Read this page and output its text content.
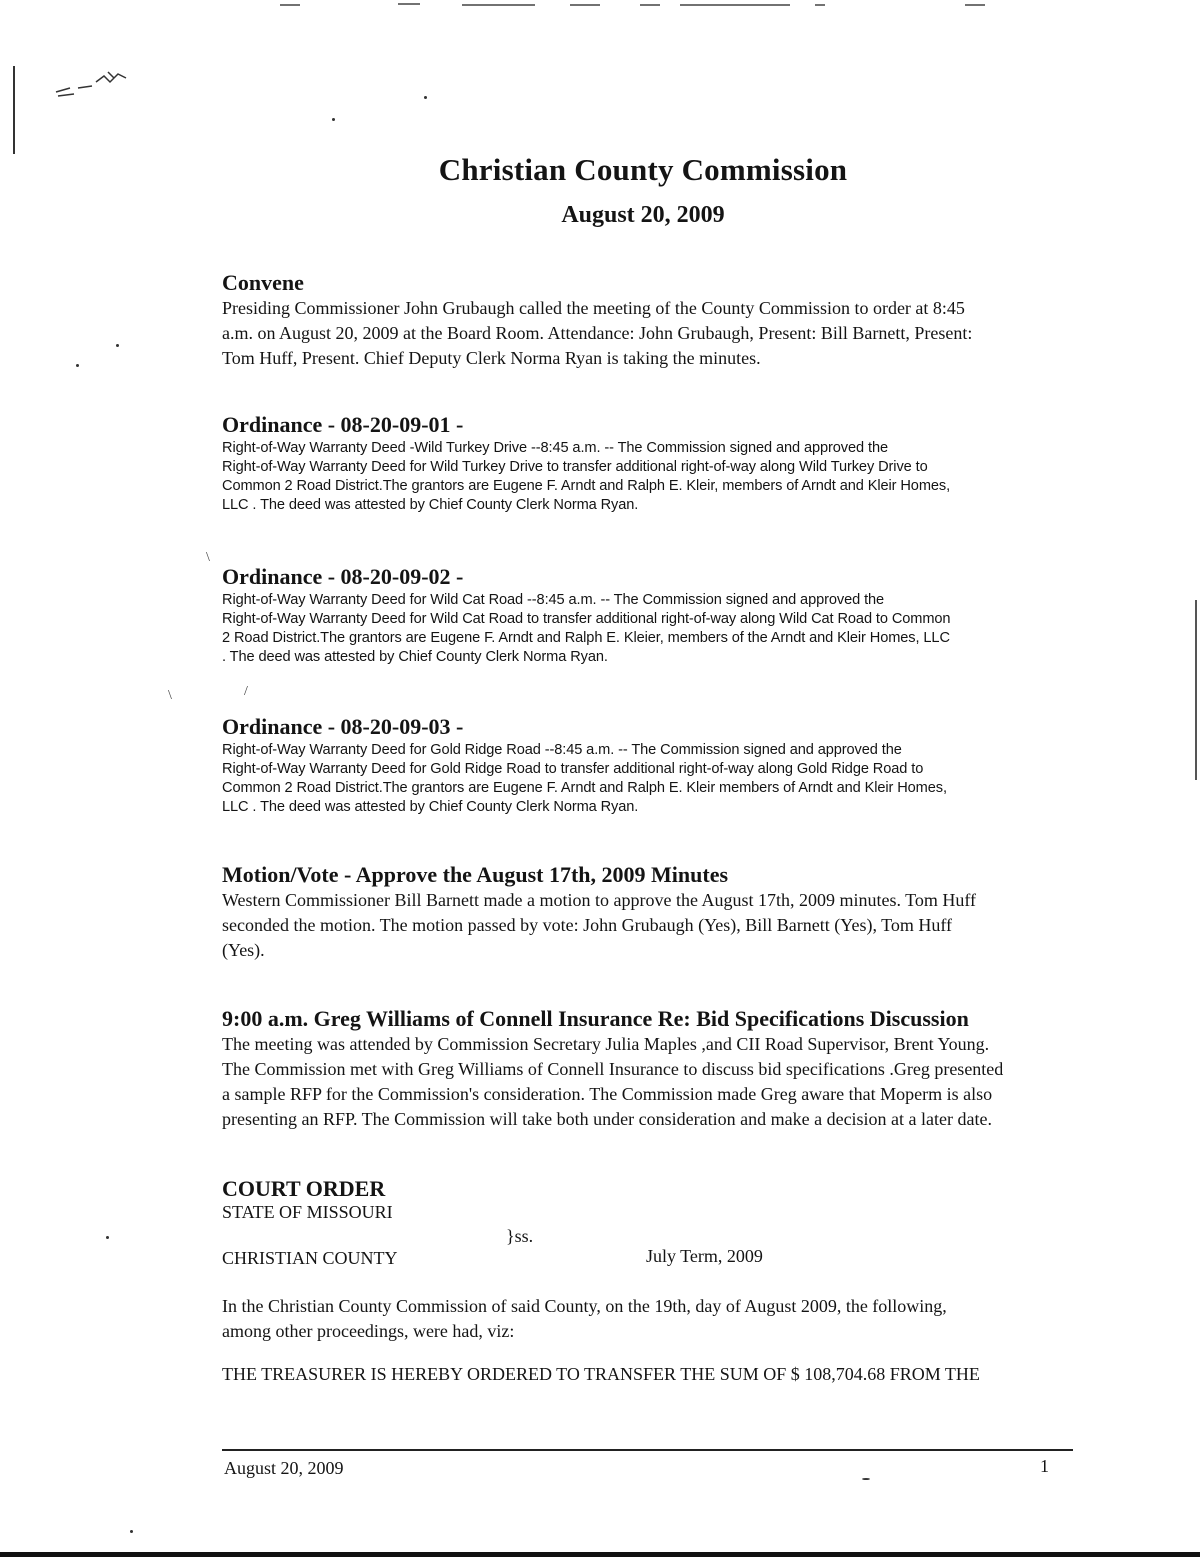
\
\	/
Christian County Commission
August 20, 2009
Convene
Presiding Commissioner John Grubaugh called the meeting of the County Commission to order at 8:45
a.m. on August 20, 2009 at the Board Room. Attendance: John Grubaugh, Present: Bill Barnett, Present:
Tom Huff, Present. Chief Deputy Clerk Norma Ryan is taking the minutes.
Ordinance - 08-20-09-01 -
Right-of-Way Warranty Deed -Wild Turkey Drive --8:45 a.m. -- The Commission signed and approved the
Right-of-Way Warranty Deed for Wild Turkey Drive to transfer additional right-of-way along Wild Turkey Drive to
Common 2 Road District.The grantors are Eugene F. Arndt and Ralph E. Kleir, members of Arndt and Kleir Homes,
LLC . The deed was attested by Chief County Clerk Norma Ryan.
Ordinance - 08-20-09-02 -
Right-of-Way Warranty Deed for Wild Cat Road --8:45 a.m. -- The Commission signed and approved the
Right-of-Way Warranty Deed for Wild Cat Road to transfer additional right-of-way along Wild Cat Road to Common
2 Road District.The grantors are Eugene F. Arndt and Ralph E. Kleier, members of the Arndt and Kleir Homes, LLC
. The deed was attested by Chief County Clerk Norma Ryan.
Ordinance - 08-20-09-03 -
Right-of-Way Warranty Deed for Gold Ridge Road --8:45 a.m. -- The Commission signed and approved the
Right-of-Way Warranty Deed for Gold Ridge Road to transfer additional right-of-way along Gold Ridge Road to
Common 2 Road District.The grantors are Eugene F. Arndt and Ralph E. Kleir members of Arndt and Kleir Homes,
LLC . The deed was attested by Chief County Clerk Norma Ryan.
Motion/Vote - Approve the August 17th, 2009 Minutes
Western Commissioner Bill Barnett made a motion to approve the August 17th, 2009 minutes. Tom Huff
seconded the motion. The motion passed by vote: John Grubaugh (Yes), Bill Barnett (Yes), Tom Huff
(Yes).
9:00 a.m. Greg Williams of Connell Insurance Re: Bid Specifications Discussion
The meeting was attended by Commission Secretary Julia Maples ,and CII Road Supervisor, Brent Young.
The Commission met with Greg Williams of Connell Insurance to discuss bid specifications .Greg presented
a sample RFP for the Commission's consideration. The Commission made Greg aware that Moperm is also
presenting an RFP. The Commission will take both under consideration and make a decision at a later date.
COURT ORDER
STATE OF MISSOURI
}ss.
CHRISTIAN COUNTY	July Term, 2009
In the Christian County Commission of said County, on the 19th, day of August 2009, the following,
among other proceedings, were had, viz:
THE TREASURER IS HEREBY ORDERED TO TRANSFER THE SUM OF $ 108,704.68 FROM THE
August 20, 2009	1
